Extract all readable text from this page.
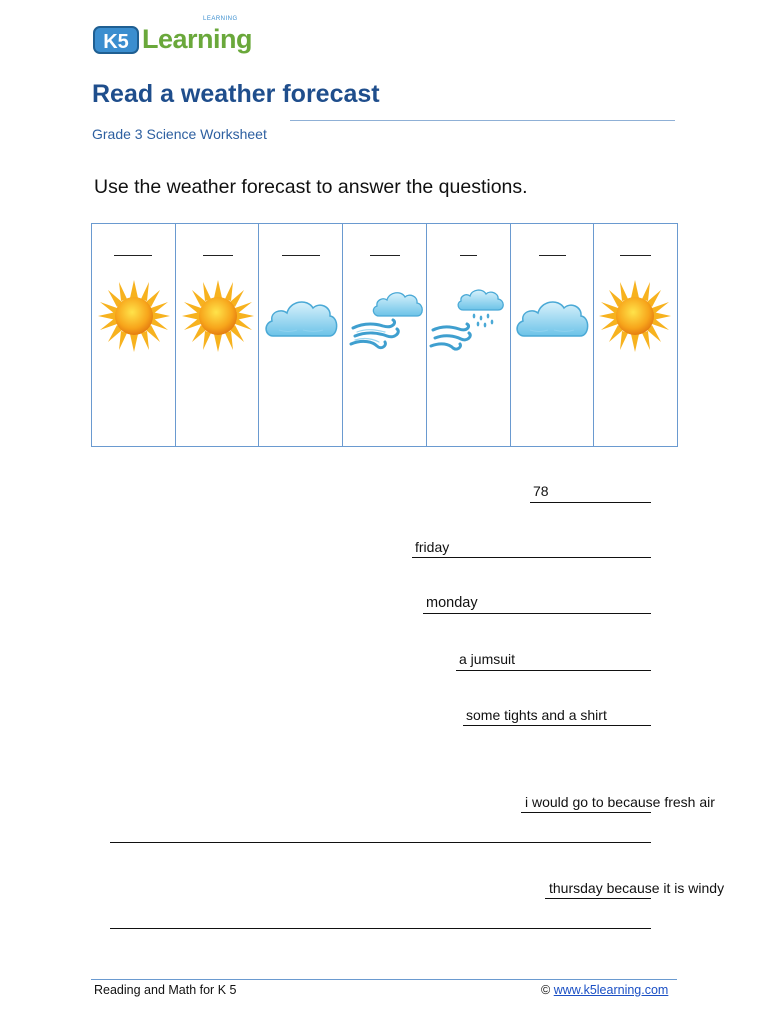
LEARNING
K5 Learning
Read a weather forecast
Grade 3 Science Worksheet
Use the weather forecast to answer the questions.
78
friday
monday
a jumsuit
some tights and a shirt
i would go to because fresh air
thursday because it is windy
Reading and Math for K 5	© www.k5learning.com
